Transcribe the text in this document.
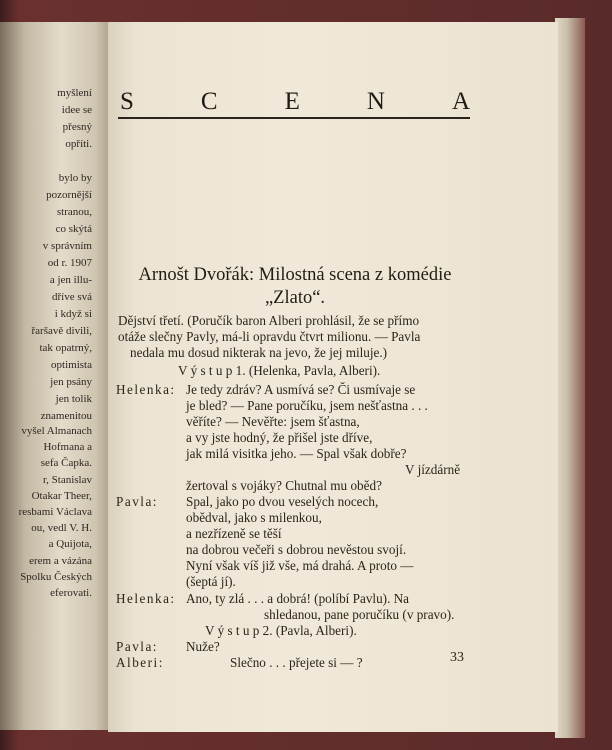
myšlení
idee se
přesný
opříti.
bylo by
pozornější
stranou,
co skýtá
v správním
od r. 1907
a jen illu-
dříve svá
i když si
řaršavě divili,
tak opatrný,
optimista
jen psány
jen tolik
znamenitou
vyšel Almanach
Hofmana a
sefa Čapka.
r, Stanislav
Otakar Theer,
resbami Václava
ou, vedl V. H.
a Quijota,
erem a vázána
Spolku Českých
eferovati.
S	C	E	N	A
Arnošt Dvořák: Milostná scena z komédie
„Zlato“.
Dějství třetí. (Poručík baron Alberi prohlásil, že se přímo
otáže slečny Pavly, má-li opravdu čtvrt milionu. — Pavla
nedala mu dosud nikterak na jevo, že jej miluje.)
V ý s t u p 1. (Helenka, Pavla, Alberi).
Helenka: Je tedy zdráv? A usmívá se? Či usmívaje se
je bled? — Pane poručíku, jsem nešťastna . . .
věříte? — Nevěřte: jsem šťastna,
a vy jste hodný, že přišel jste dříve,
jak milá visitka jeho. — Spal však dobře?
V jízdárně
žertoval s vojáky? Chutnal mu oběd?
Pavla: Spal, jako po dvou veselých nocech,
obědval, jako s milenkou,
a nezřízeně se těší
na dobrou večeři s dobrou nevěstou svojí.
Nyní však víš již vše, má drahá. A proto —
(šeptá jí).
Helenka: Ano, ty zlá . . . a dobrá! (políbí Pavlu). Na
shledanou, pane poručíku (v pravo).
V ý s t u p 2. (Pavla, Alberi).
Pavla: Nuže?
Alberi:	Slečno . . . přejete si — ?	33
